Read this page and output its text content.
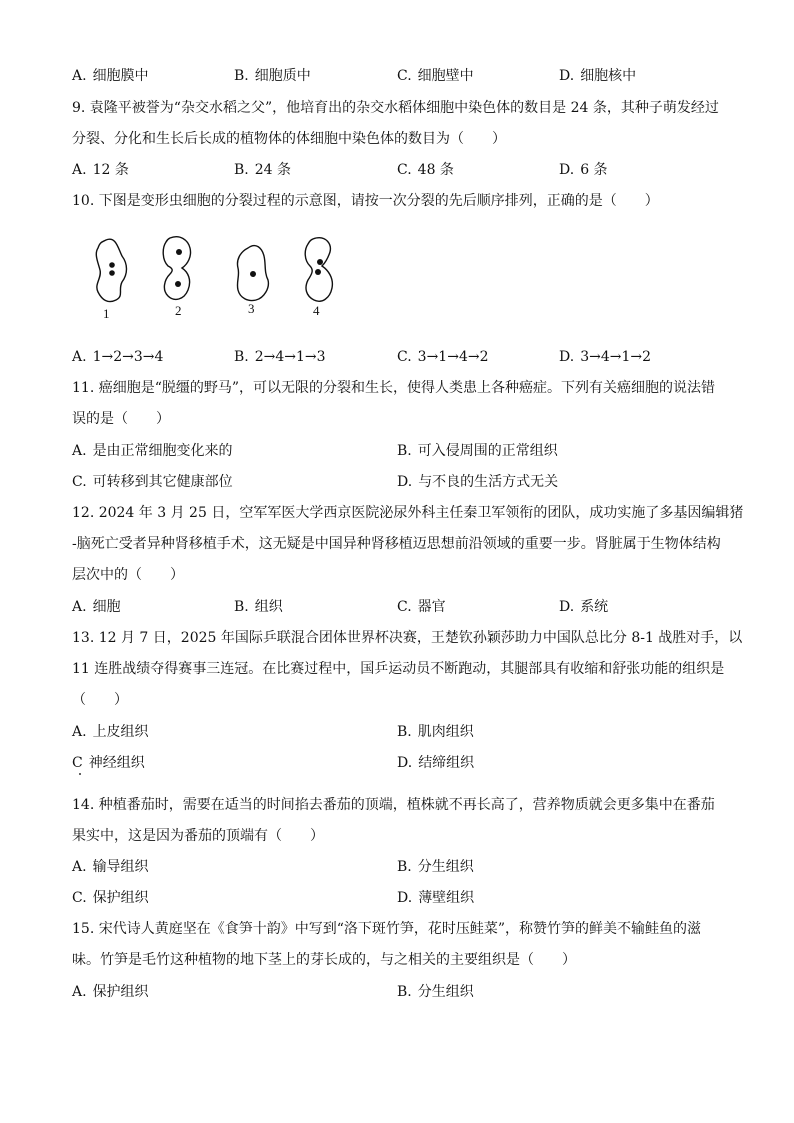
A. 细胞膜中	B. 细胞质中	C. 细胞壁中	D. 细胞核中
9. 袁隆平被誉为“杂交水稻之父”，他培育出的杂交水稻体细胞中染色体的数目是 24 条，其种子萌发经过
分裂、分化和生长后长成的植物体的体细胞中染色体的数目为（　　）
A. 12 条	B. 24 条	C. 48 条	D. 6 条
10. 下图是变形虫细胞的分裂过程的示意图，请按一次分裂的先后顺序排列，正确的是（　　）
1	2	3	4
A. 1→2→3→4	B. 2→4→1→3	C. 3→1→4→2	D. 3→4→1→2
11. 癌细胞是“脱缰的野马”，可以无限的分裂和生长，使得人类患上各种癌症。下列有关癌细胞的说法错
误的是（　　）
A. 是由正常细胞变化来的	B. 可入侵周围的正常组织
C. 可转移到其它健康部位	D. 与不良的生活方式无关
12. 2024 年 3 月 25 日，空军军医大学西京医院泌尿外科主任秦卫军领衔的团队，成功实施了多基因编辑猪
-脑死亡受者异种肾移植手术，这无疑是中国异种肾移植迈思想前沿领域的重要一步。肾脏属于生物体结构
层次中的（　　）
A. 细胞	B. 组织	C. 器官	D. 系统
13. 12 月 7 日，2025 年国际乒联混合团体世界杯决赛，王楚钦孙颖莎助力中国队总比分 8-1 战胜对手，以
11 连胜战绩夺得赛事三连冠。在比赛过程中，国乒运动员不断跑动，其腿部具有收缩和舒张功能的组织是
（　　）
A. 上皮组织	B. 肌肉组织
C 神经组织	D. 结缔组织
14. 种植番茄时，需要在适当的时间掐去番茄的顶端，植株就不再长高了，营养物质就会更多集中在番茄
果实中，这是因为番茄的顶端有（　　）
A. 输导组织	B. 分生组织
C. 保护组织	D. 薄壁组织
15. 宋代诗人黄庭坚在《食笋十韵》中写到“洛下斑竹笋，花时压鲑菜”，称赞竹笋的鲜美不输鲑鱼的滋
味。竹笋是毛竹这种植物的地下茎上的芽长成的，与之相关的主要组织是（　　）
A. 保护组织	B. 分生组织
